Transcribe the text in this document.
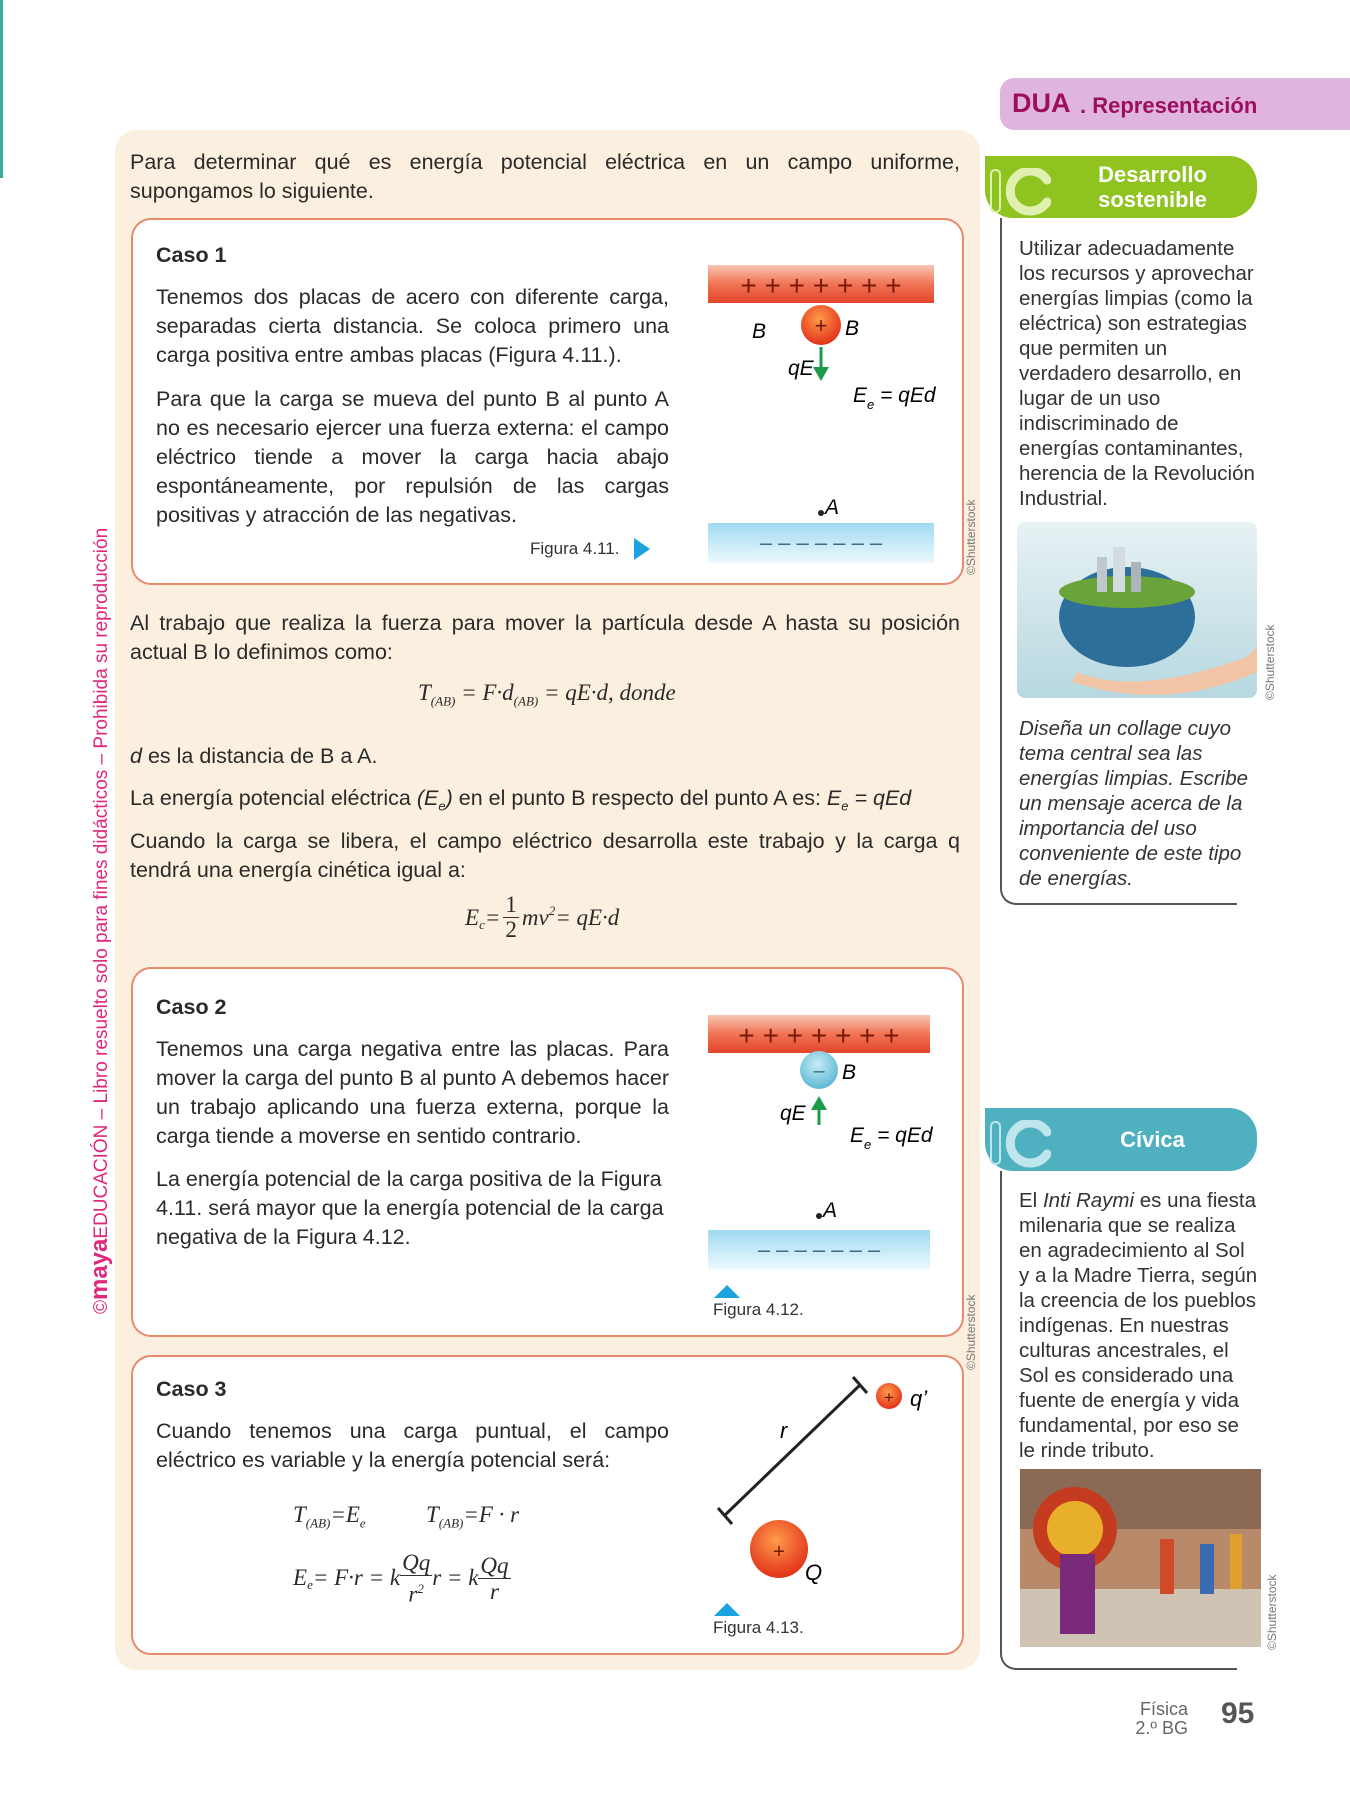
DUA . Representación
©mayaEDUCACIÓN – Libro resuelto solo para fines didácticos – Prohibida su reproducción
Para determinar qué es energía potencial eléctrica en un campo uniforme, supongamos lo siguiente.
Caso 1
Tenemos dos placas de acero con diferente carga, separadas cierta distancia. Se coloca primero una carga positiva entre ambas placas (Figura 4.11.).
Para que la carga se mueva del punto B al punto A no es necesario ejercer una fuerza externa: el campo eléctrico tiende a mover la carga hacia abajo espontáneamente, por repulsión de las cargas positivas y atracción de las negativas.
Figura 4.11.
+ + + + + + +
B + B
qE
$E_e$ = qEd
A
– – – – – – –	©Shutterstock
Al trabajo que realiza la fuerza para mover la partícula desde A hasta su posición actual B lo definimos como:
$T_{(AB)} = F\cdot d_{(AB)} = qE\cdot d$, donde
d es la distancia de B a A.
La energía potencial eléctrica $(E_e)$ en el punto B respecto del punto A es: $E_e$ = qEd
Cuando la carga se libera, el campo eléctrico desarrolla este trabajo y la carga q tendrá una energía cinética igual a:
$E_c = \frac{1}{2} mv^2 = qE\cdot d$
Caso 2
Tenemos una carga negativa entre las placas. Para mover la carga del punto B al punto A debemos hacer un trabajo aplicando una fuerza externa, porque la carga tiende a moverse en sentido contrario.
La energía potencial de la carga positiva de la Figura 4.11. será mayor que la energía potencial de la carga negativa de la Figura 4.12.
+ + + + + + +
– B
qE
$E_e$ = qEd
A
– – – – – – –
Figura 4.12.	©Shutterstock
Caso 3
Cuando tenemos una carga puntual, el campo eléctrico es variable y la energía potencial será:
$T_{(AB)}=E_e$	$T_{(AB)}=F \cdot r$
$E_e = F\cdot r = k$
Qq
$r^2$ r = k Qq
r
r
+ q’
+
Q
Figura 4.13.
Desarrollo sostenible
Utilizar adecuadamente los recursos y aprovechar energías limpias (como la eléctrica) son estrategias que permiten un verdadero desarrollo, en lugar de un uso indiscriminado de energías contaminantes, herencia de la Revolución Industrial.
©Shutterstock
Diseña un collage cuyo tema central sea las energías limpias. Escribe un mensaje acerca de la importancia del uso conveniente de este tipo de energías.
Cívica
El Inti Raymi es una fiesta milenaria que se realiza en agradecimiento al Sol y a la Madre Tierra, según la creencia de los pueblos indígenas. En nuestras culturas ancestrales, el Sol es considerado una fuente de energía y vida fundamental, por eso se le rinde tributo.
©Shutterstock
Física
2.º BG 95
